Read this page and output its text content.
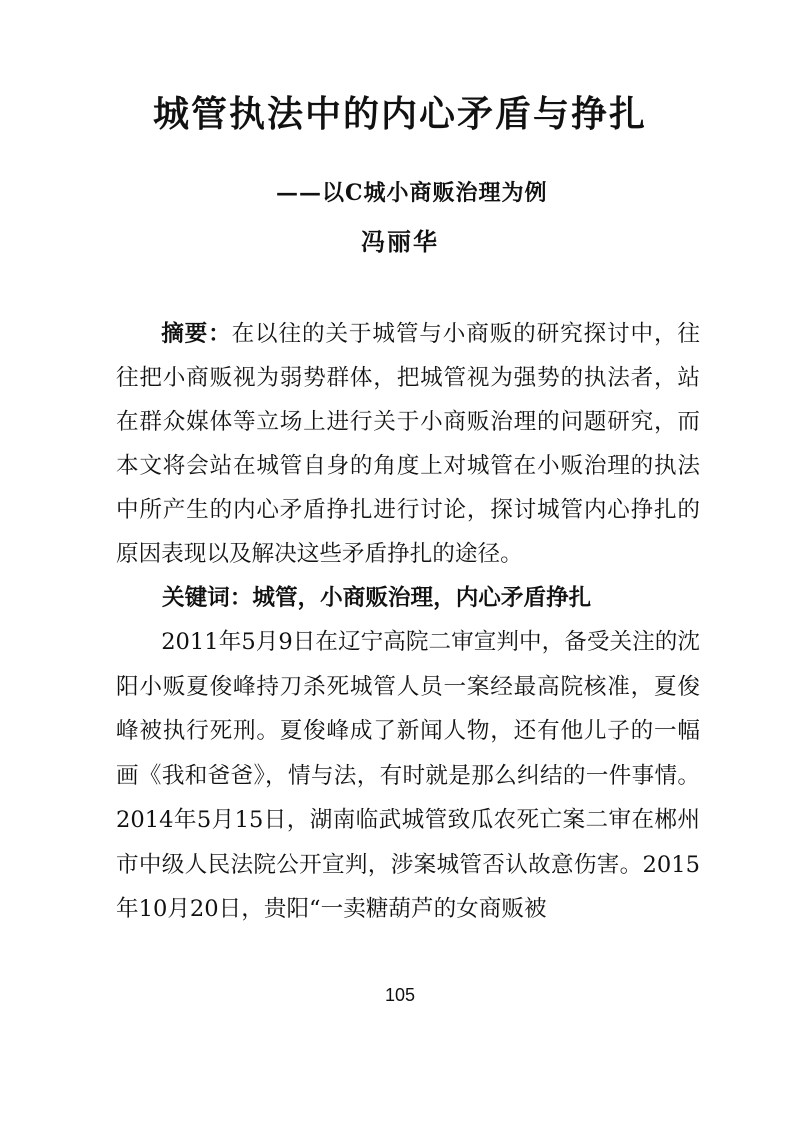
城管执法中的内心矛盾与挣扎
——以C城小商贩治理为例
冯丽华

摘要：在以往的关于城管与小商贩的研究探讨中，往往把小商贩视为弱势群体，把城管视为强势的执法者，站在群众媒体等立场上进行关于小商贩治理的问题研究，而本文将会站在城管自身的角度上对城管在小贩治理的执法中所产生的内心矛盾挣扎进行讨论，探讨城管内心挣扎的原因表现以及解决这些矛盾挣扎的途径。

关键词：城管，小商贩治理，内心矛盾挣扎

2011年5月9日在辽宁高院二审宣判中，备受关注的沈阳小贩夏俊峰持刀杀死城管人员一案经最高院核准，夏俊峰被执行死刑。夏俊峰成了新闻人物，还有他儿子的一幅画《我和爸爸》，情与法，有时就是那么纠结的一件事情。2014年5月15日，湖南临武城管致瓜农死亡案二审在郴州市中级人民法院公开宣判，涉案城管否认故意伤害。2015年10月20日，贵阳“一卖糖葫芦的女商贩被

105
